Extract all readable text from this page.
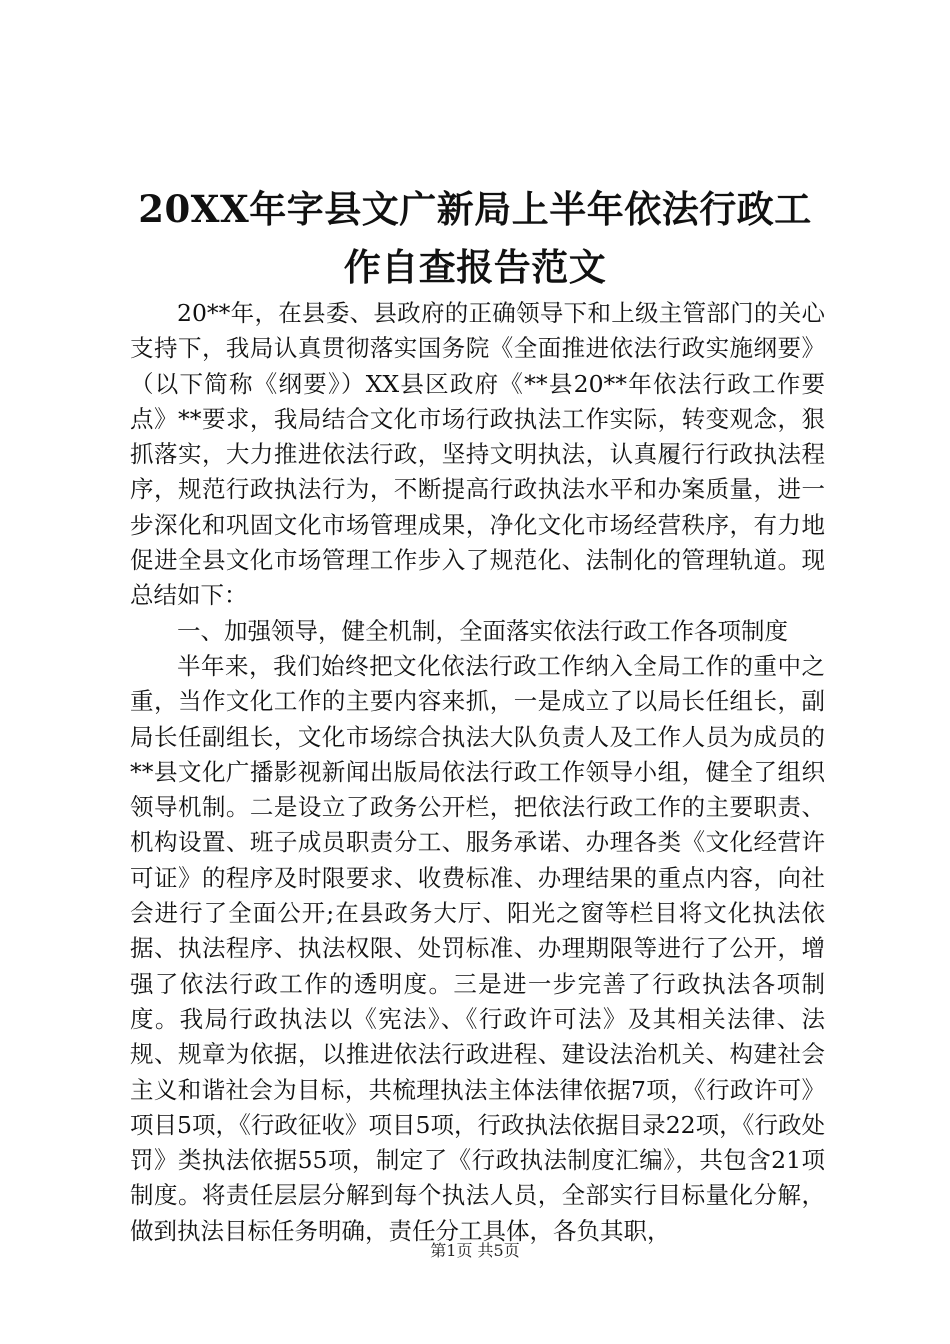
20XX年字县文广新局上半年依法行政工作自查报告范文

20**年，在县委、县政府的正确领导下和上级主管部门的关心支持下，我局认真贯彻落实国务院《全面推进依法行政实施纲要》（以下简称《纲要》）XX县区政府《**县20**年依法行政工作要点》**要求，我局结合文化市场行政执法工作实际，转变观念，狠抓落实，大力推进依法行政，坚持文明执法，认真履行行政执法程序，规范行政执法行为，不断提高行政执法水平和办案质量，进一步深化和巩固文化市场管理成果，净化文化市场经营秩序，有力地促进全县文化市场管理工作步入了规范化、法制化的管理轨道。现总结如下：

一、加强领导，健全机制，全面落实依法行政工作各项制度

半年来，我们始终把文化依法行政工作纳入全局工作的重中之重，当作文化工作的主要内容来抓，一是成立了以局长任组长，副局长任副组长，文化市场综合执法大队负责人及工作人员为成员的**县文化广播影视新闻出版局依法行政工作领导小组，健全了组织领导机制。二是设立了政务公开栏，把依法行政工作的主要职责、机构设置、班子成员职责分工、服务承诺、办理各类《文化经营许可证》的程序及时限要求、收费标准、办理结果的重点内容，向社会进行了全面公开;在县政务大厅、阳光之窗等栏目将文化执法依据、执法程序、执法权限、处罚标准、办理期限等进行了公开，增强了依法行政工作的透明度。三是进一步完善了行政执法各项制度。我局行政执法以《宪法》、《行政许可法》及其相关法律、法规、规章为依据，以推进依法行政进程、建设法治机关、构建社会主义和谐社会为目标，共梳理执法主体法律依据7项，《行政许可》项目5项，《行政征收》项目5项，行政执法依据目录22项，《行政处罚》类执法依据55项，制定了《行政执法制度汇编》，共包含21项制度。将责任层层分解到每个执法人员，全部实行目标量化分解，做到执法目标任务明确，责任分工具体，各负其职，

第1页 共5页
